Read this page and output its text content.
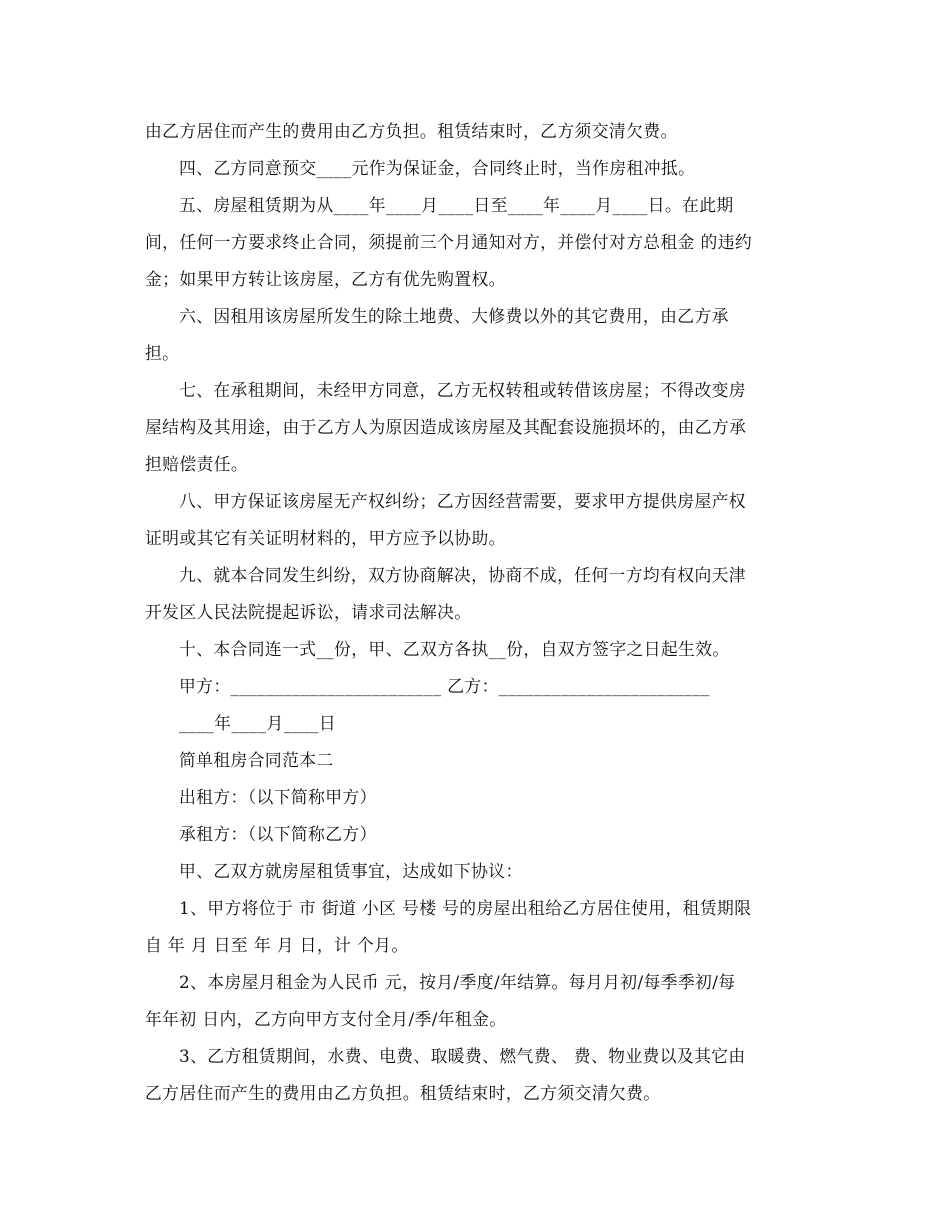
由乙方居住而产生的费用由乙方负担。租赁结束时，乙方须交清欠费。
四、乙方同意预交____元作为保证金，合同终止时，当作房租冲抵。
五、房屋租赁期为从____年____月____日至____年____月____日。在此期
间，任何一方要求终止合同，须提前三个月通知对方，并偿付对方总租金 的违约
金；如果甲方转让该房屋，乙方有优先购置权。
六、因租用该房屋所发生的除土地费、大修费以外的其它费用，由乙方承
担。
七、在承租期间，未经甲方同意，乙方无权转租或转借该房屋；不得改变房
屋结构及其用途，由于乙方人为原因造成该房屋及其配套设施损坏的，由乙方承
担赔偿责任。
八、甲方保证该房屋无产权纠纷；乙方因经营需要，要求甲方提供房屋产权
证明或其它有关证明材料的，甲方应予以协助。
九、就本合同发生纠纷，双方协商解决，协商不成，任何一方均有权向天津
开发区人民法院提起诉讼，请求司法解决。
十、本合同连一式__份，甲、乙双方各执__份，自双方签字之日起生效。
甲方：________________________ 乙方：________________________
____年____月____日
简单租房合同范本二
出租方：（以下简称甲方）
承租方：（以下简称乙方）
甲、乙双方就房屋租赁事宜，达成如下协议：
1、甲方将位于 市 街道 小区 号楼 号的房屋出租给乙方居住使用，租赁期限
自 年 月 日至 年 月 日，计 个月。
2、本房屋月租金为人民币 元，按月/季度/年结算。每月月初/每季季初/每
年年初 日内，乙方向甲方支付全月/季/年租金。
3、乙方租赁期间，水费、电费、取暖费、燃气费、 费、物业费以及其它由
乙方居住而产生的费用由乙方负担。租赁结束时，乙方须交清欠费。
